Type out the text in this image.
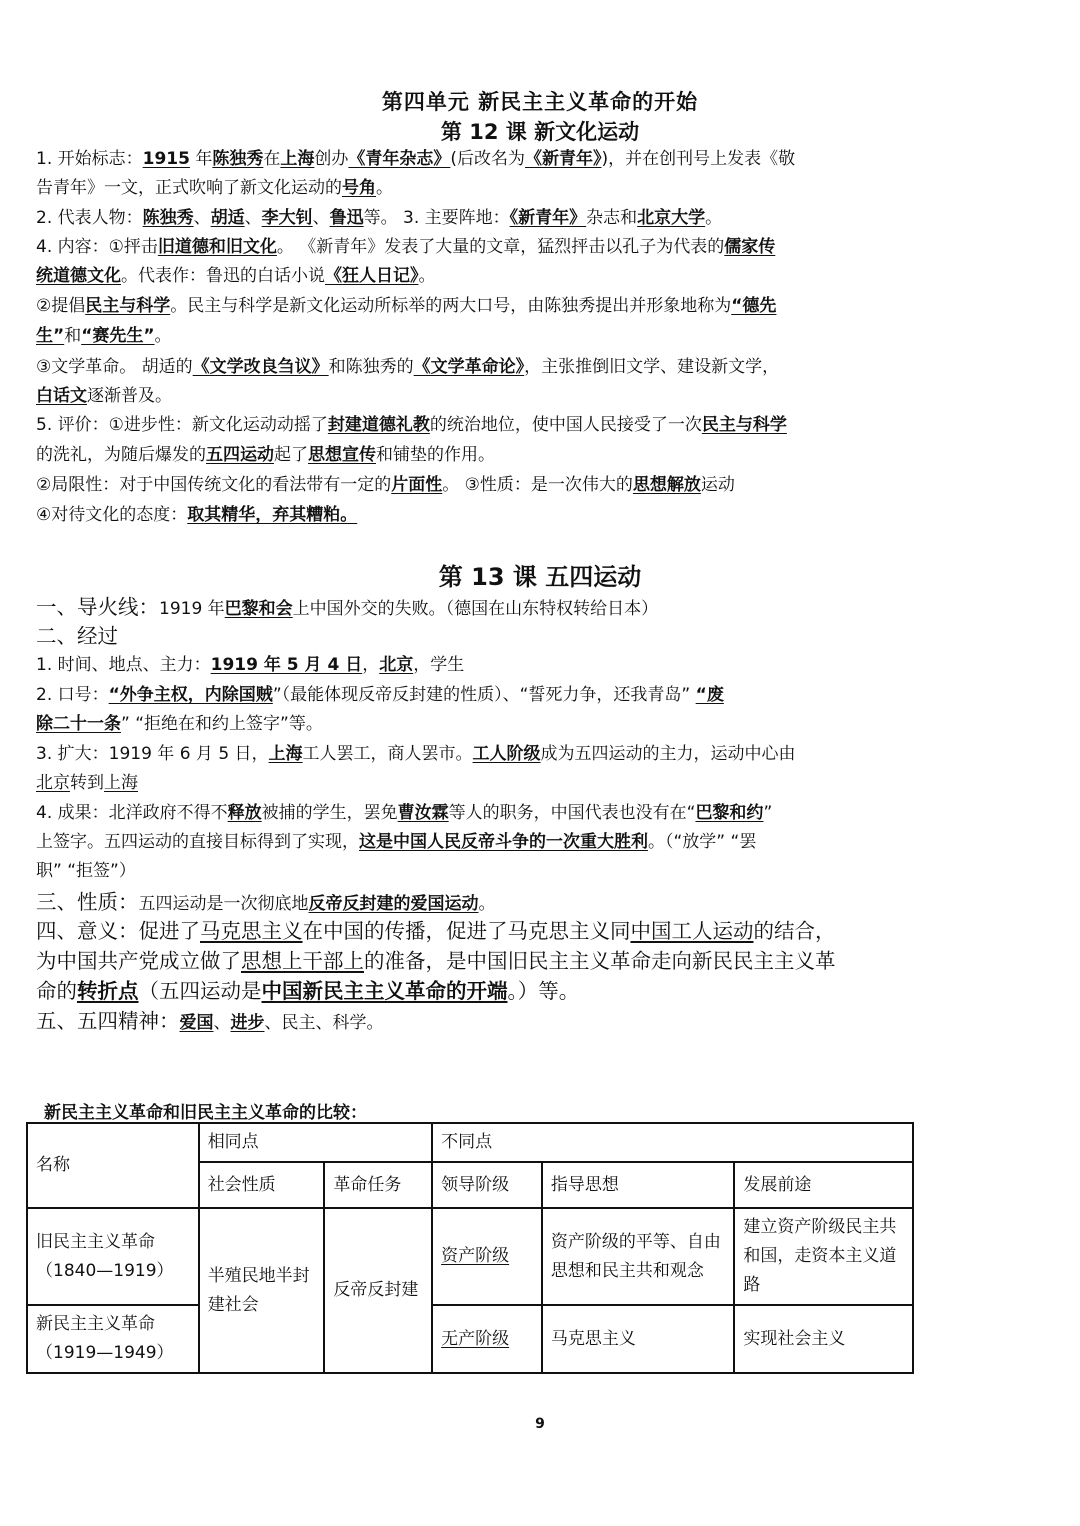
第四单元 新民主主义革命的开始
第 12 课 新文化运动
1. 开始标志：1915 年陈独秀在上海创办《青年杂志》(后改名为《新青年》)，并在创刊号上发表《敬
告青年》一文，正式吹响了新文化运动的号角。
2. 代表人物：陈独秀、胡适、李大钊、鲁迅等。 3. 主要阵地：《新青年》杂志和北京大学。
4. 内容：①抨击旧道德和旧文化。 《新青年》发表了大量的文章，猛烈抨击以孔子为代表的儒家传
统道德文化。代表作：鲁迅的白话小说《狂人日记》。
②提倡民主与科学。民主与科学是新文化运动所标举的两大口号，由陈独秀提出并形象地称为“德先
生”和“赛先生”。
③文学革命。 胡适的《文学改良刍议》和陈独秀的《文学革命论》，主张推倒旧文学、建设新文学，
白话文逐渐普及。
5. 评价：①进步性：新文化运动动摇了封建道德礼教的统治地位，使中国人民接受了一次民主与科学
的洗礼，为随后爆发的五四运动起了思想宣传和铺垫的作用。
②局限性：对于中国传统文化的看法带有一定的片面性。 ③性质：是一次伟大的思想解放运动
④对待文化的态度：取其精华，弃其糟粕。
第 13 课 五四运动
一、导火线：1919 年巴黎和会上中国外交的失败。（德国在山东特权转给日本）
二、经过
1. 时间、地点、主力：1919 年 5 月 4 日，北京，学生
2. 口号：“外争主权，内除国贼”（最能体现反帝反封建的性质）、“誓死力争，还我青岛” “废
除二十一条” “拒绝在和约上签字”等。
3. 扩大：1919 年 6 月 5 日，上海工人罢工，商人罢市。工人阶级成为五四运动的主力，运动中心由
北京转到上海
4. 成果：北洋政府不得不释放被捕的学生，罢免曹汝霖等人的职务，中国代表也没有在“巴黎和约”
上签字。五四运动的直接目标得到了实现，这是中国人民反帝斗争的一次重大胜利。（“放学” “罢
职” “拒签”）
三、性质：五四运动是一次彻底地反帝反封建的爱国运动。
四、意义：促进了马克思主义在中国的传播，促进了马克思主义同中国工人运动的结合，
为中国共产党成立做了思想上干部上的准备，是中国旧民主主义革命走向新民民主主义革
命的转折点（五四运动是中国新民主主义革命的开端。）等。
五、五四精神：爱国、进步、民主、科学。
新民主主义革命和旧民主主义革命的比较：
名称	相同点		不同点		
	社会性质	革命任务	领导阶级	指导思想	发展前途

旧民主主义革命
（1840—1919）	半殖民地半封建社会	反帝反封建	资产阶级	资产阶级的平等、自由思想和民主共和观念	建立资产阶级民主共和国，走资本主义道路

新民主主义革命
（1919—1949）			无产阶级	马克思主义	实现社会主义
9
